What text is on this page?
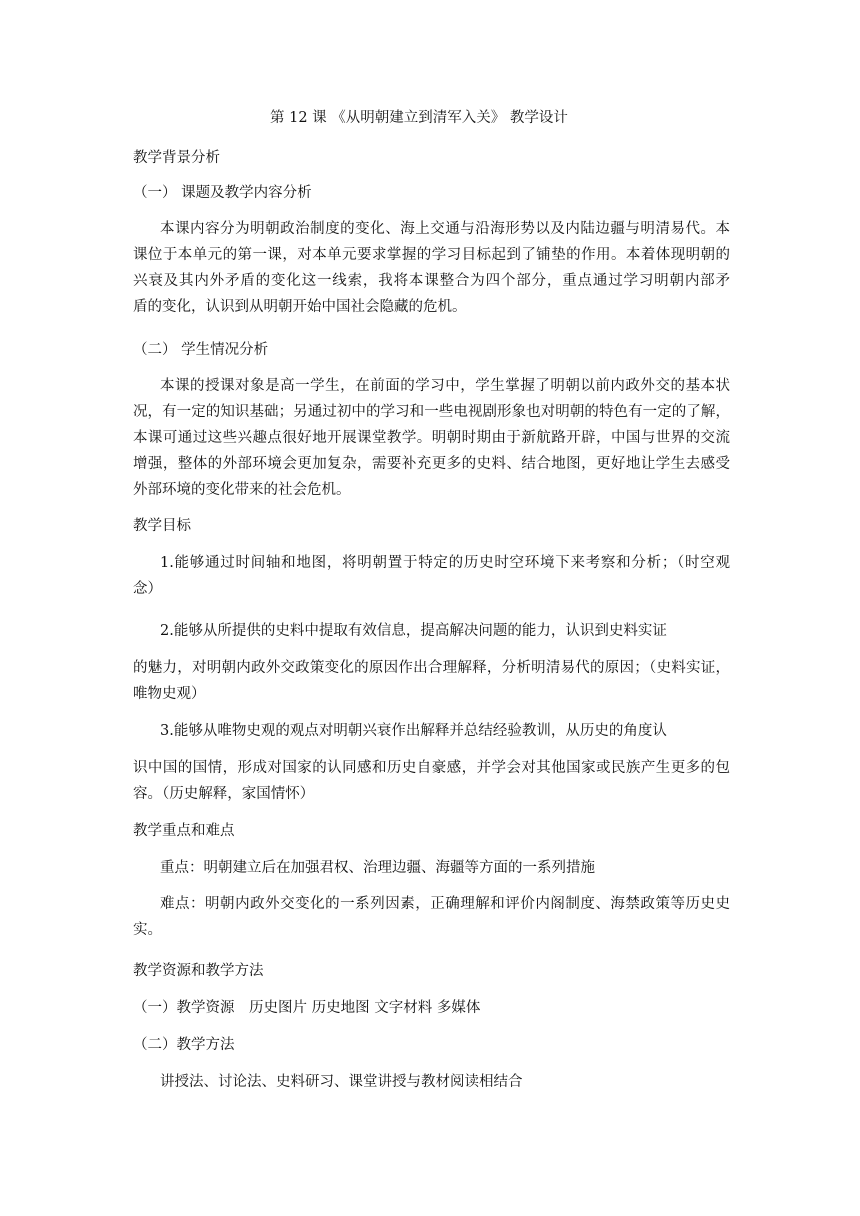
第 12 课 《从明朝建立到清军入关》 教学设计
教学背景分析
（一） 课题及教学内容分析
本课内容分为明朝政治制度的变化、海上交通与沿海形势以及内陆边疆与明清易代。本
课位于本单元的第一课，对本单元要求掌握的学习目标起到了铺垫的作用。本着体现明朝的
兴衰及其内外矛盾的变化这一线索，我将本课整合为四个部分，重点通过学习明朝内部矛
盾的变化，认识到从明朝开始中国社会隐藏的危机。
（二） 学生情况分析
本课的授课对象是高一学生，在前面的学习中，学生掌握了明朝以前内政外交的基本状
况，有一定的知识基础；另通过初中的学习和一些电视剧形象也对明朝的特色有一定的了解，
本课可通过这些兴趣点很好地开展课堂教学。明朝时期由于新航路开辟，中国与世界的交流
增强，整体的外部环境会更加复杂，需要补充更多的史料、结合地图，更好地让学生去感受
外部环境的变化带来的社会危机。
教学目标
1.能够通过时间轴和地图，将明朝置于特定的历史时空环境下来考察和分析；（时空观
念）
2.能够从所提供的史料中提取有效信息，提高解决问题的能力，认识到史料实证
的魅力，对明朝内政外交政策变化的原因作出合理解释，分析明清易代的原因；（史料实证，
唯物史观）
3.能够从唯物史观的观点对明朝兴衰作出解释并总结经验教训，从历史的角度认
识中国的国情，形成对国家的认同感和历史自豪感，并学会对其他国家或民族产生更多的包
容。（历史解释，家国情怀）
教学重点和难点
重点：明朝建立后在加强君权、治理边疆、海疆等方面的一系列措施
难点：明朝内政外交变化的一系列因素，正确理解和评价内阁制度、海禁政策等历史史
实。
教学资源和教学方法
（一）教学资源　历史图片 历史地图 文字材料 多媒体
（二）教学方法
讲授法、讨论法、史料研习、课堂讲授与教材阅读相结合
